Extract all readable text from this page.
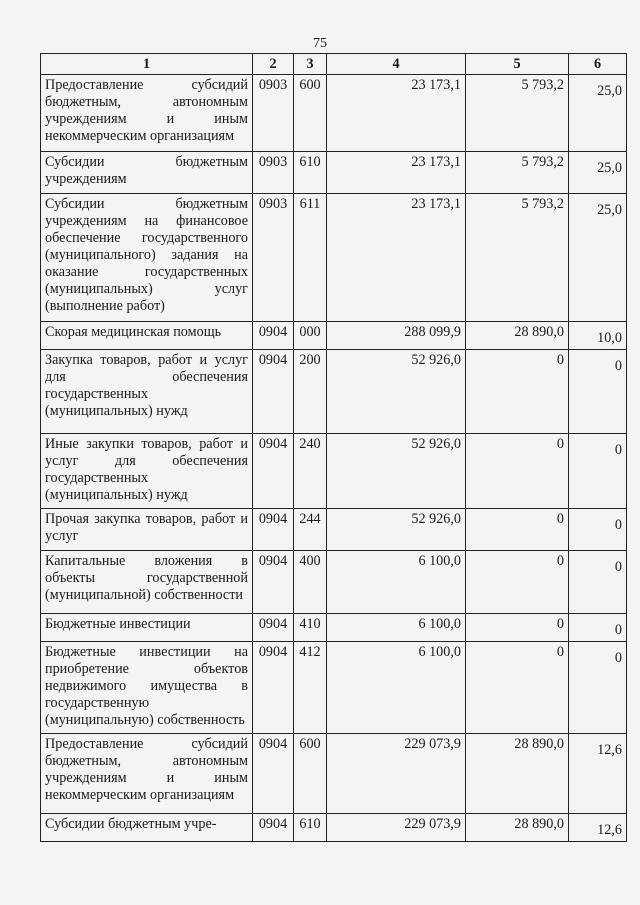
75
1	2	3	4	5	6
Предоставление субсидий бюджетным, автономным учреждениям и иным некоммерческим организациям	0903	600	23 173,1	5 793,2	25,0
Субсидии бюджетным учреждениям	0903	610	23 173,1	5 793,2	25,0
Субсидии бюджетным учреждениям на финансовое обеспечение государственного (муниципального) задания на оказание государственных (муниципальных) услуг (выполнение работ)	0903	611	23 173,1	5 793,2	25,0
Скорая медицинская помощь	0904	000	288 099,9	28 890,0	10,0
Закупка товаров, работ и услуг для обеспечения государственных (муниципальных) нужд	0904	200	52 926,0	0	0
Иные закупки товаров, работ и услуг для обеспечения государственных (муниципальных) нужд	0904	240	52 926,0	0	0
Прочая закупка товаров, работ и услуг	0904	244	52 926,0	0	0
Капитальные вложения в объекты государственной (муниципальной) собственности	0904	400	6 100,0	0	0
Бюджетные инвестиции	0904	410	6 100,0	0	0
Бюджетные инвестиции на приобретение объектов недвижимого имущества в государственную (муниципальную) собственность	0904	412	6 100,0	0	0
Предоставление субсидий бюджетным, автономным учреждениям и иным некоммерческим организациям	0904	600	229 073,9	28 890,0	12,6
Субсидии бюджетным учре-	0904	610	229 073,9	28 890,0	12,6
